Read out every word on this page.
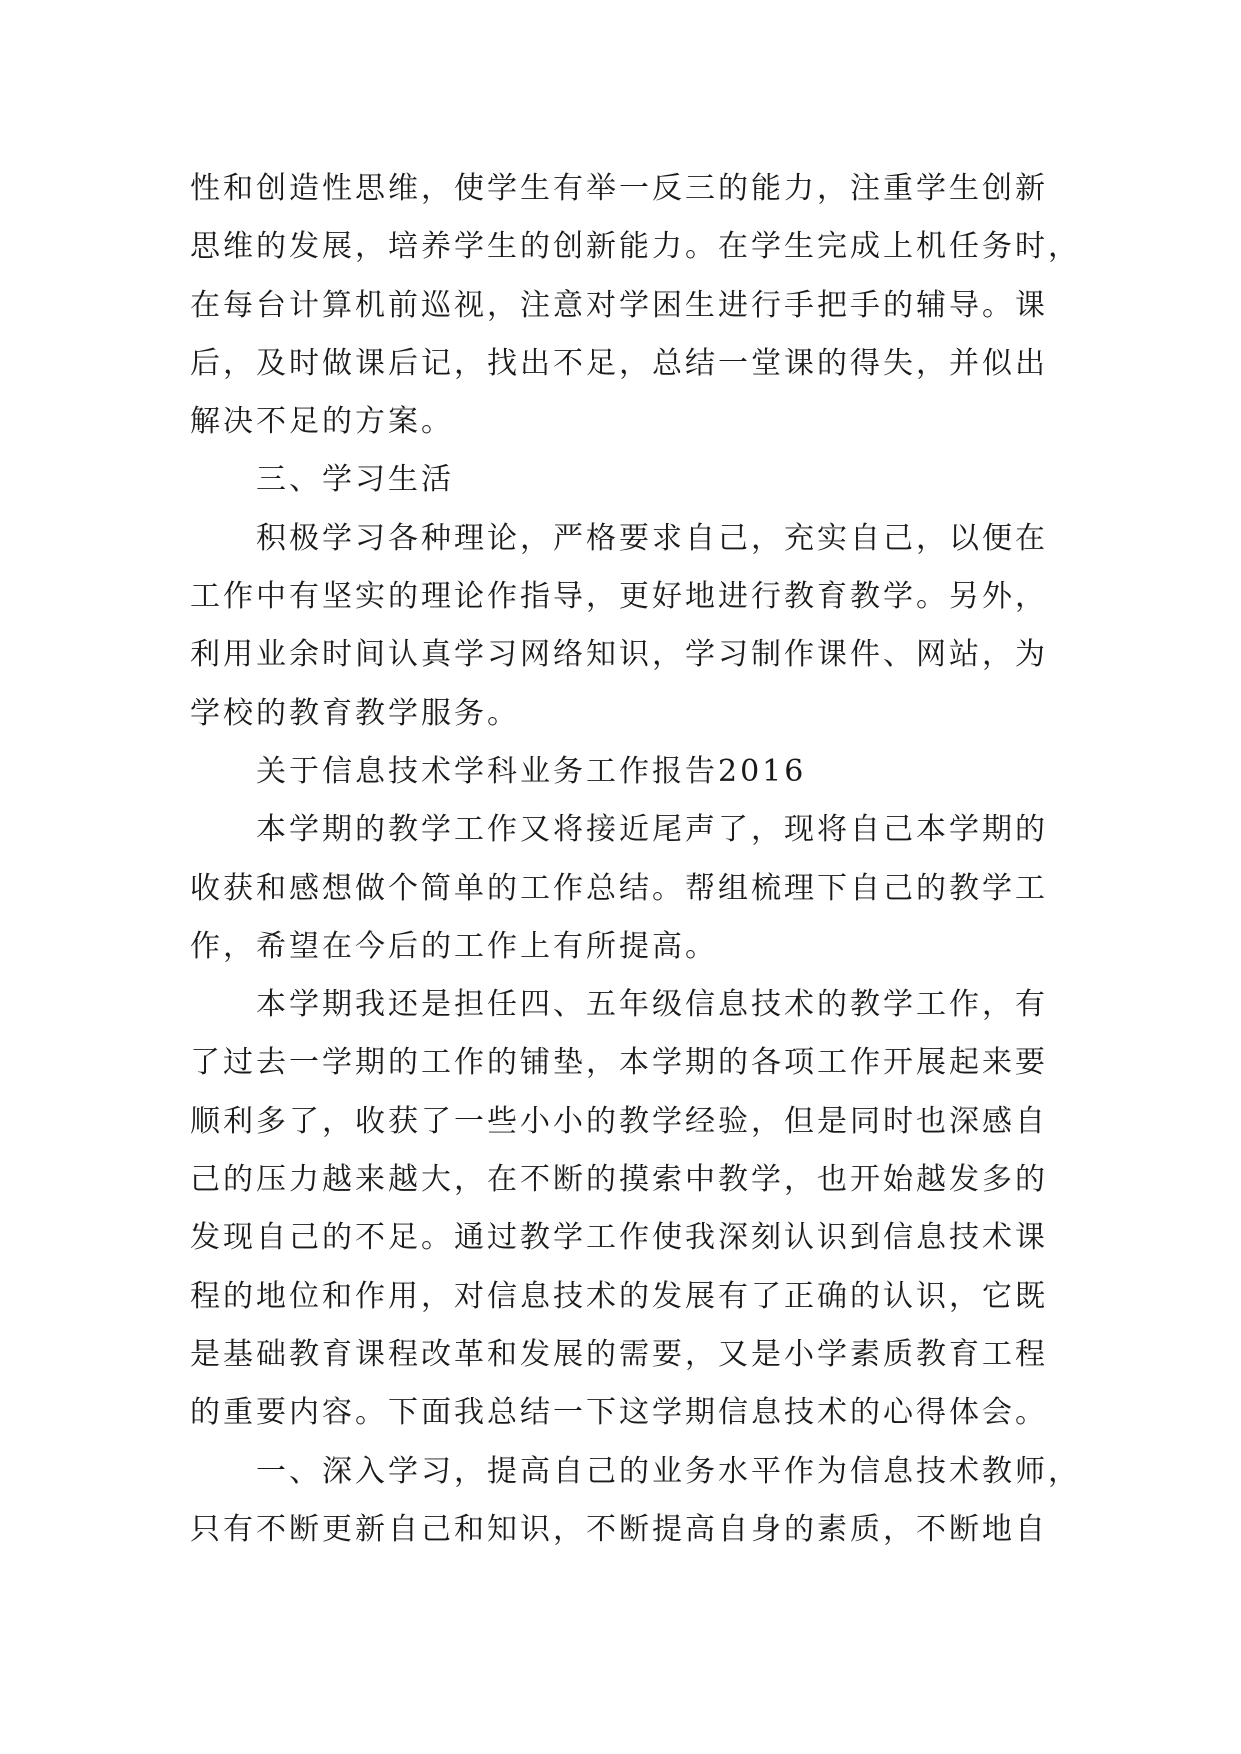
性和创造性思维，使学生有举一反三的能力，注重学生创新
思维的发展，培养学生的创新能力。在学生完成上机任务时，
在每台计算机前巡视，注意对学困生进行手把手的辅导。课
后，及时做课后记，找出不足，总结一堂课的得失，并似出
解决不足的方案。
三、学习生活
积极学习各种理论，严格要求自己，充实自己，以便在
工作中有坚实的理论作指导，更好地进行教育教学。另外，
利用业余时间认真学习网络知识，学习制作课件、网站，为
学校的教育教学服务。
关于信息技术学科业务工作报告2016
本学期的教学工作又将接近尾声了，现将自己本学期的
收获和感想做个简单的工作总结。帮组梳理下自己的教学工
作，希望在今后的工作上有所提高。
本学期我还是担任四、五年级信息技术的教学工作，有
了过去一学期的工作的铺垫，本学期的各项工作开展起来要
顺利多了，收获了一些小小的教学经验，但是同时也深感自
己的压力越来越大，在不断的摸索中教学，也开始越发多的
发现自己的不足。通过教学工作使我深刻认识到信息技术课
程的地位和作用，对信息技术的发展有了正确的认识，它既
是基础教育课程改革和发展的需要，又是小学素质教育工程
的重要内容。下面我总结一下这学期信息技术的心得体会。
一、深入学习，提高自己的业务水平作为信息技术教师，
只有不断更新自己和知识，不断提高自身的素质，不断地自
